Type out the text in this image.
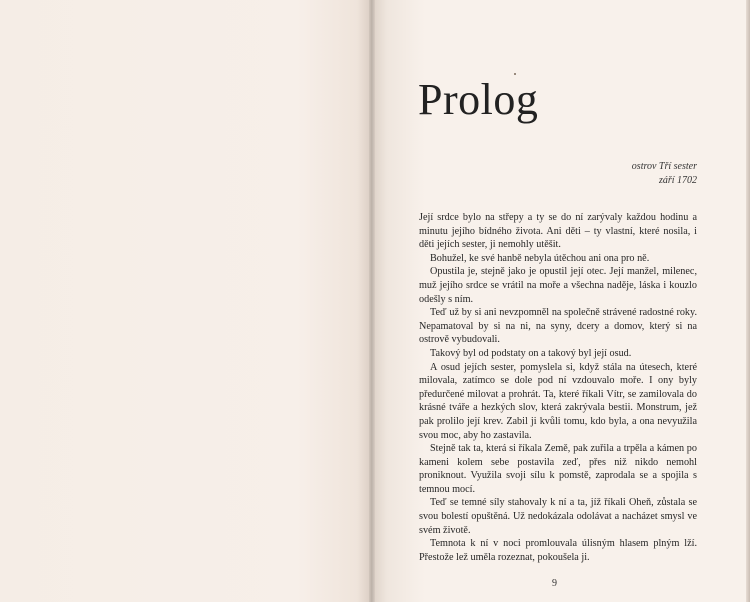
Prolog
ostrov Tří sester
září 1702

Její srdce bylo na střepy a ty se do ní zarývaly každou hodinu a minutu jejího bídného života. Ani děti – ty vlastní, které nosila, i děti jejích sester, ji nemohly utěšit.

Bohužel, ke své hanbě nebyla útěchou ani ona pro ně.

Opustila je, stejně jako je opustil její otec. Její manžel, milenec, muž jejího srdce se vrátil na moře a všechna naděje, láska i kouzlo odešly s ním.

Teď už by si ani nevzpomněl na společně strávené radostné roky. Nepamatoval by si na ni, na syny, dcery a domov, který si na ostrově vybudovali.

Takový byl od podstaty on a takový byl její osud.

A osud jejích sester, pomyslela si, když stála na útesech, které milovala, zatímco se dole pod ní vzdouvalo moře. I ony byly předurčené milovat a prohrát. Ta, které říkali Vítr, se zamilovala do krásné tváře a hezkých slov, která zakrývala bestii. Monstrum, jež pak prolilo její krev. Zabil ji kvůli tomu, kdo byla, a ona nevyužila svou moc, aby ho zastavila.

Stejně tak ta, která si říkala Země, pak zuřila a trpěla a kámen po kameni kolem sebe postavila zeď, přes niž nikdo nemohl proniknout. Využila svoji sílu k pomstě, zaprodala se a spojila s temnou mocí.

Teď se temné síly stahovaly k ní a ta, jíž říkali Oheň, zůstala se svou bolestí opuštěná. Už nedokázala odolávat a nacházet smysl ve svém životě.

Temnota k ní v noci promlouvala úlisným hlasem plným lží. Přestože lež uměla rozeznat, pokoušela ji.

9
